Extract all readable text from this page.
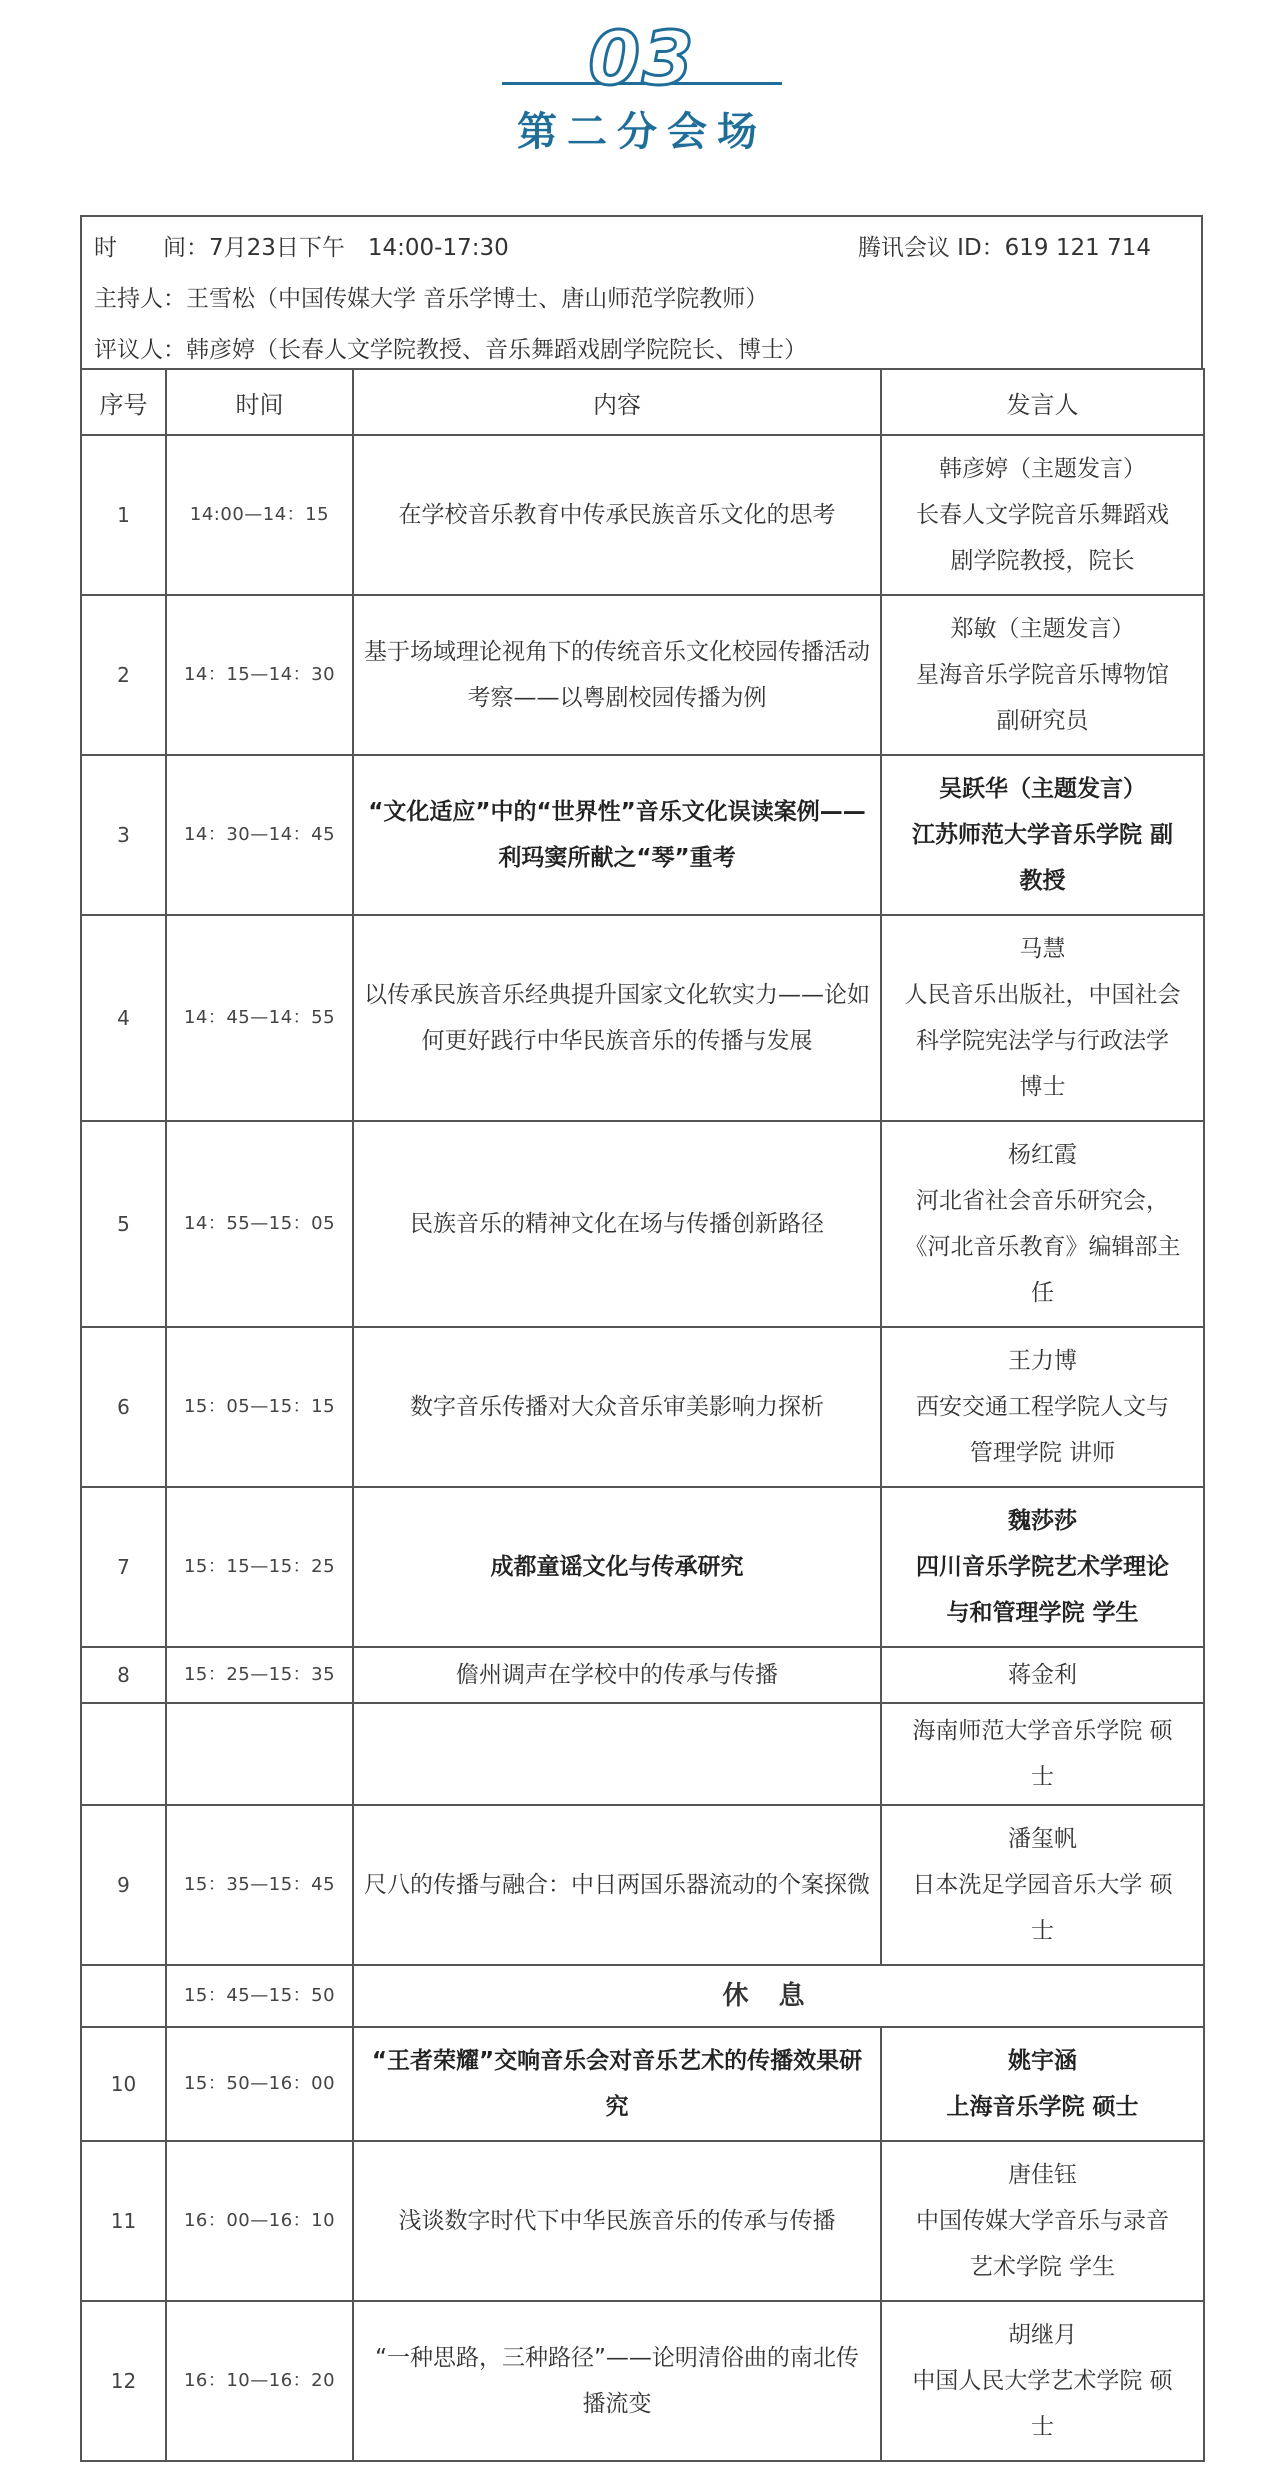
03
第二分会场
时　　间：7月23日下午　14:00-17:30	腾讯会议 ID：619 121 714
主持人：王雪松（中国传媒大学 音乐学博士、唐山师范学院教师）
评议人：韩彦婷（长春人文学院教授、音乐舞蹈戏剧学院院长、博士）
序号	时间	内容	发言人
1	14:00—14：15	在学校音乐教育中传承民族音乐文化的思考	韩彦婷（主题发言）
长春人文学院音乐舞蹈戏
剧学院教授，院长

2	14：15—14：30	基于场域理论视角下的传统音乐文化校园传播活动考察——以粤剧校园传播为例	郑敏（主题发言）
星海音乐学院音乐博物馆
副研究员

3	14：30—14：45	“文化适应”中的“世界性”音乐文化误读案例——利玛窦所献之“琴”重考	吴跃华（主题发言）
江苏师范大学音乐学院 副
教授

4	14：45—14：55	以传承民族音乐经典提升国家文化软实力——论如何更好践行中华民族音乐的传播与发展	马慧
人民音乐出版社，中国社会
科学院宪法学与行政法学
博士

5	14：55—15：05	民族音乐的精神文化在场与传播创新路径	杨红霞
河北省社会音乐研究会，
《河北音乐教育》编辑部主
任

6	15：05—15：15	数字音乐传播对大众音乐审美影响力探析	王力博
西安交通工程学院人文与
管理学院 讲师

7	15：15—15：25	成都童谣文化与传承研究	魏莎莎
四川音乐学院艺术学理论
与和管理学院 学生

8	15：25—15：35	儋州调声在学校中的传承与传播	蒋金利

			海南师范大学音乐学院 硕
士

9	15：35—15：45	尺八的传播与融合：中日两国乐器流动的个案探微	潘玺帆
日本洗足学园音乐大学 硕
士

	15：45—15：50	休息	
10	15：50—16：00	“王者荣耀”交响音乐会对音乐艺术的传播效果研究	姚宇涵
上海音乐学院 硕士

11	16：00—16：10	浅谈数字时代下中华民族音乐的传承与传播	唐佳钰
中国传媒大学音乐与录音
艺术学院 学生

12	16：10—16：20	“一种思路，三种路径”——论明清俗曲的南北传播流变	胡继月
中国人民大学艺术学院 硕
士
